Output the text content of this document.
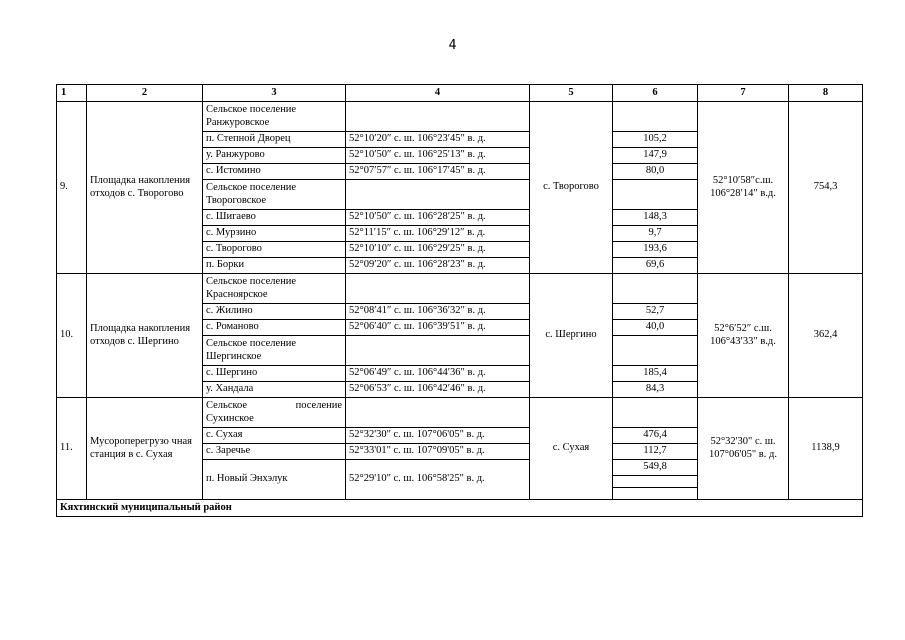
4
1	2	3	4	5	6	7	8
9.	Площадка накопления отходов с. Творогово	Сельское поселение Ранжуровское		с. Творогово		52°10′58″с.ш. 106°28′14″ в.д.	754,3
		п. Степной Дворец	52°10′20″ с. ш. 106°23′45″ в. д.		105,2		
		у. Ранжурово	52°10′50″ с. ш. 106°25′13″ в. д.		147,9		
		с. Истомино	52°07′57″ с. ш. 106°17′45″ в. д.		80,0		
		Сельское поселение Твороговское					
		с. Шигаево	52°10′50″ с. ш. 106°28′25″ в. д.		148,3		
		с. Мурзино	52°11′15″ с. ш. 106°29′12″ в. д.		9,7		
		с. Творогово	52°10′10″ с. ш. 106°29′25″ в. д.		193,6		
		п. Борки	52°09′20″ с. ш. 106°28′23″ в. д.		69,6		
10.	Площадка накопления отходов с. Шергино	Сельское поселение Красноярское		с. Шергино		52°6′52″ с.ш. 106°43′33″ в.д.	362,4
		с. Жилино	52°08′41″ с. ш. 106°36′32″ в. д.		52,7		
		с. Романово	52°06′40″ с. ш. 106°39′51″ в. д.		40,0		
		Сельское поселение Шергинское					
		с. Шергино	52°06′49″ с. ш. 106°44′36″ в. д.		185,4		
		у. Хандала	52°06′53″ с. ш. 106°42′46″ в. д.		84,3		
11.	Мусороперегрузо чная станция в с. Сухая	Сельское поселение Сухинское		с. Сухая		52°32'30" с. ш. 107°06'05" в. д.	1138,9
		с. Сухая	52°32'30" с. ш. 107°06'05" в. д.		476,4		
		с. Заречье	52°33'01" с. ш. 107°09'05" в. д.		112,7		
		п. Новый Энхэлук	52°29'10" с. ш. 106°58'25" в. д.		549,8		

Кяхтинский муниципальный район							
